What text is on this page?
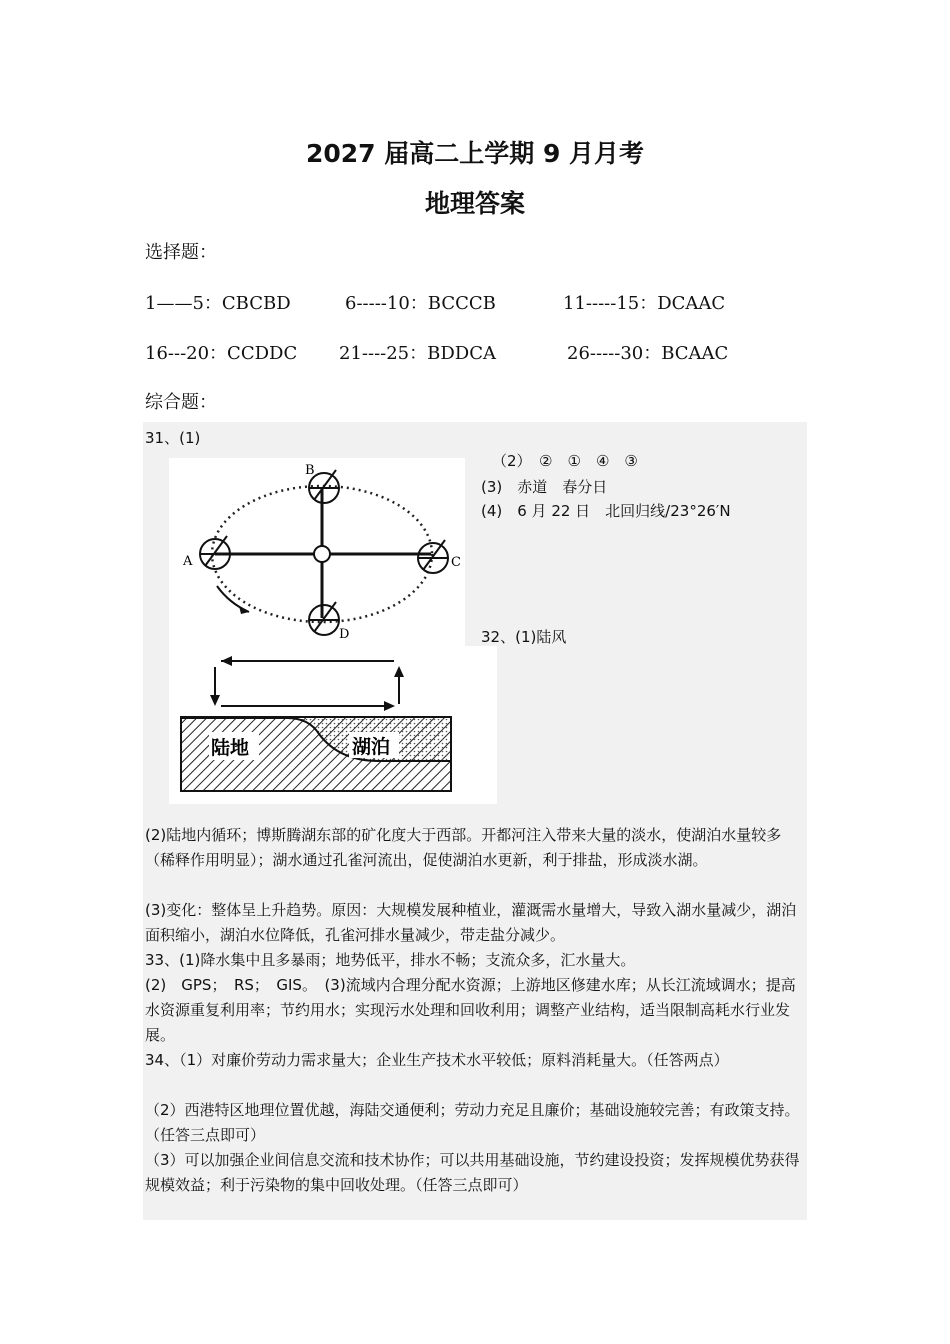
2027 届高二上学期 9 月月考
地理答案
选择题：
1——5：CBCBD	6-----10：BCCCB	11-----15：DCAAC
16---20：CCDDC 21----25：BDDCA	26-----30：BCAAC
综合题：
31、(1)
B
A	C
D
（2）　②　①　④　③
(3)　赤道　春分日
(4)　6 月 22 日　北回归线/23°26′N
32、(1)陆风
陆地	湖泊
(2)陆地内循环；博斯腾湖东部的矿化度大于西部。开都河注入带来大量的淡水，使湖泊水量较多（稀释作用明显）；湖水通过孔雀河流出，促使湖泊水更新，利于排盐，形成淡水湖。
(3)变化：整体呈上升趋势。原因：大规模发展种植业，灌溉需水量增大，导致入湖水量减少，湖泊面积缩小，湖泊水位降低，孔雀河排水量减少，带走盐分减少。
33、(1)降水集中且多暴雨；地势低平，排水不畅；支流众多，汇水量大。
(2)　GPS；　RS；　GIS。　(3)流域内合理分配水资源；上游地区修建水库；从长江流域调水；提高水资源重复利用率；节约用水；实现污水处理和回收利用；调整产业结构，适当限制高耗水行业发展。
34、（1）对廉价劳动力需求量大；企业生产技术水平较低；原料消耗量大。（任答两点）
（2）西港特区地理位置优越，海陆交通便利；劳动力充足且廉价；基础设施较完善；有政策支持。（任答三点即可）
（3）可以加强企业间信息交流和技术协作；可以共用基础设施，节约建设投资；发挥规模优势获得规模效益；利于污染物的集中回收处理。（任答三点即可）
